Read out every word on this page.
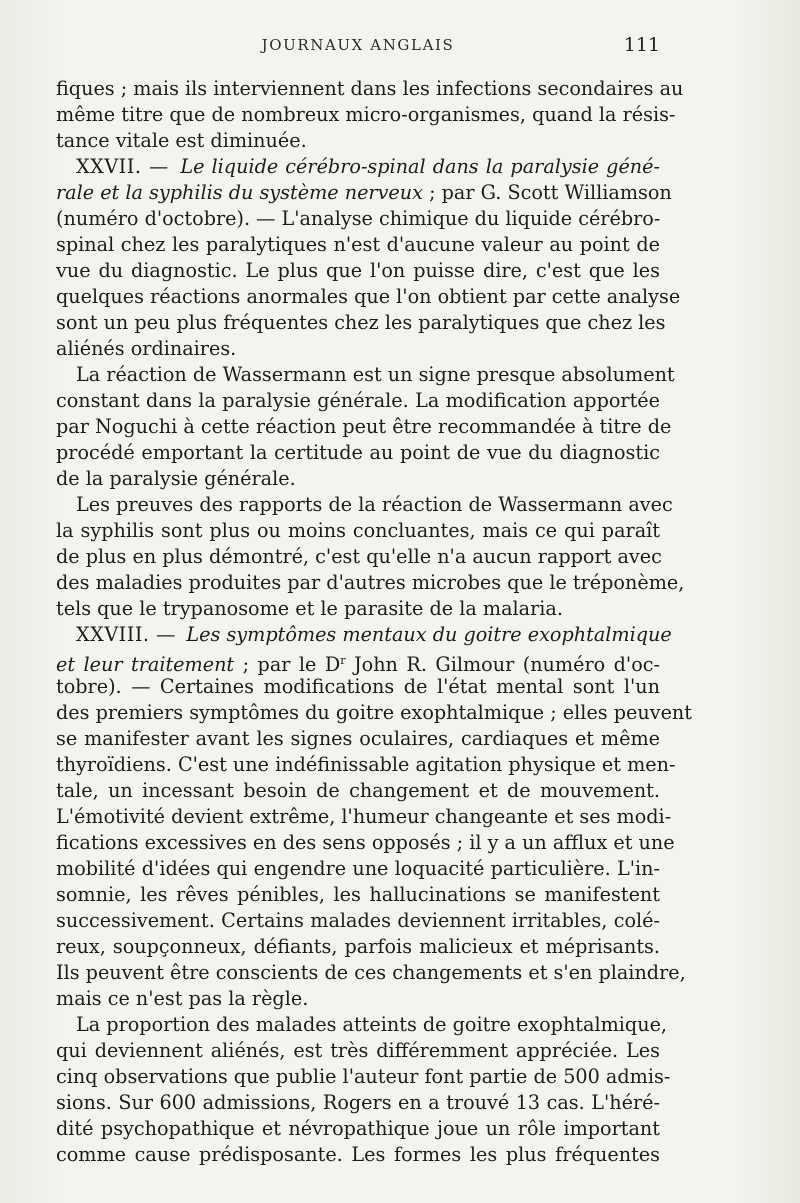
JOURNAUX ANGLAIS	111
fiques ; mais ils interviennent dans les infections secondaires au
même titre que de nombreux micro-organismes, quand la résis-
tance vitale est diminuée.
XXVII. — Le liquide cérébro-spinal dans la paralysie géné-
rale et la syphilis du système nerveux ; par G. Scott Williamson
(numéro d'octobre). — L'analyse chimique du liquide cérébro-
spinal chez les paralytiques n'est d'aucune valeur au point de
vue du diagnostic. Le plus que l'on puisse dire, c'est que les
quelques réactions anormales que l'on obtient par cette analyse
sont un peu plus fréquentes chez les paralytiques que chez les
aliénés ordinaires.
La réaction de Wassermann est un signe presque absolument
constant dans la paralysie générale. La modification apportée
par Noguchi à cette réaction peut être recommandée à titre de
procédé emportant la certitude au point de vue du diagnostic
de la paralysie générale.
Les preuves des rapports de la réaction de Wassermann avec
la syphilis sont plus ou moins concluantes, mais ce qui paraît
de plus en plus démontré, c'est qu'elle n'a aucun rapport avec
des maladies produites par d'autres microbes que le tréponème,
tels que le trypanosome et le parasite de la malaria.
XXVIII. — Les symptômes mentaux du goitre exophtalmique
et leur traitement ; par le $D^r$ John R. Gilmour (numéro d'oc-
tobre). — Certaines modifications de l'état mental sont l'un
des premiers symptômes du goitre exophtalmique ; elles peuvent
se manifester avant les signes oculaires, cardiaques et même
thyroïdiens. C'est une indéfinissable agitation physique et men-
tale, un incessant besoin de changement et de mouvement.
L'émotivité devient extrême, l'humeur changeante et ses modi-
fications excessives en des sens opposés ; il y a un afflux et une
mobilité d'idées qui engendre une loquacité particulière. L'in-
somnie, les rêves pénibles, les hallucinations se manifestent
successivement. Certains malades deviennent irritables, colé-
reux, soupçonneux, défiants, parfois malicieux et méprisants.
Ils peuvent être conscients de ces changements et s'en plaindre,
mais ce n'est pas la règle.
La proportion des malades atteints de goitre exophtalmique,
qui deviennent aliénés, est très différemment appréciée. Les
cinq observations que publie l'auteur font partie de 500 admis-
sions. Sur 600 admissions, Rogers en a trouvé 13 cas. L'héré-
dité psychopathique et névropathique joue un rôle important
comme cause prédisposante. Les formes les plus fréquentes
